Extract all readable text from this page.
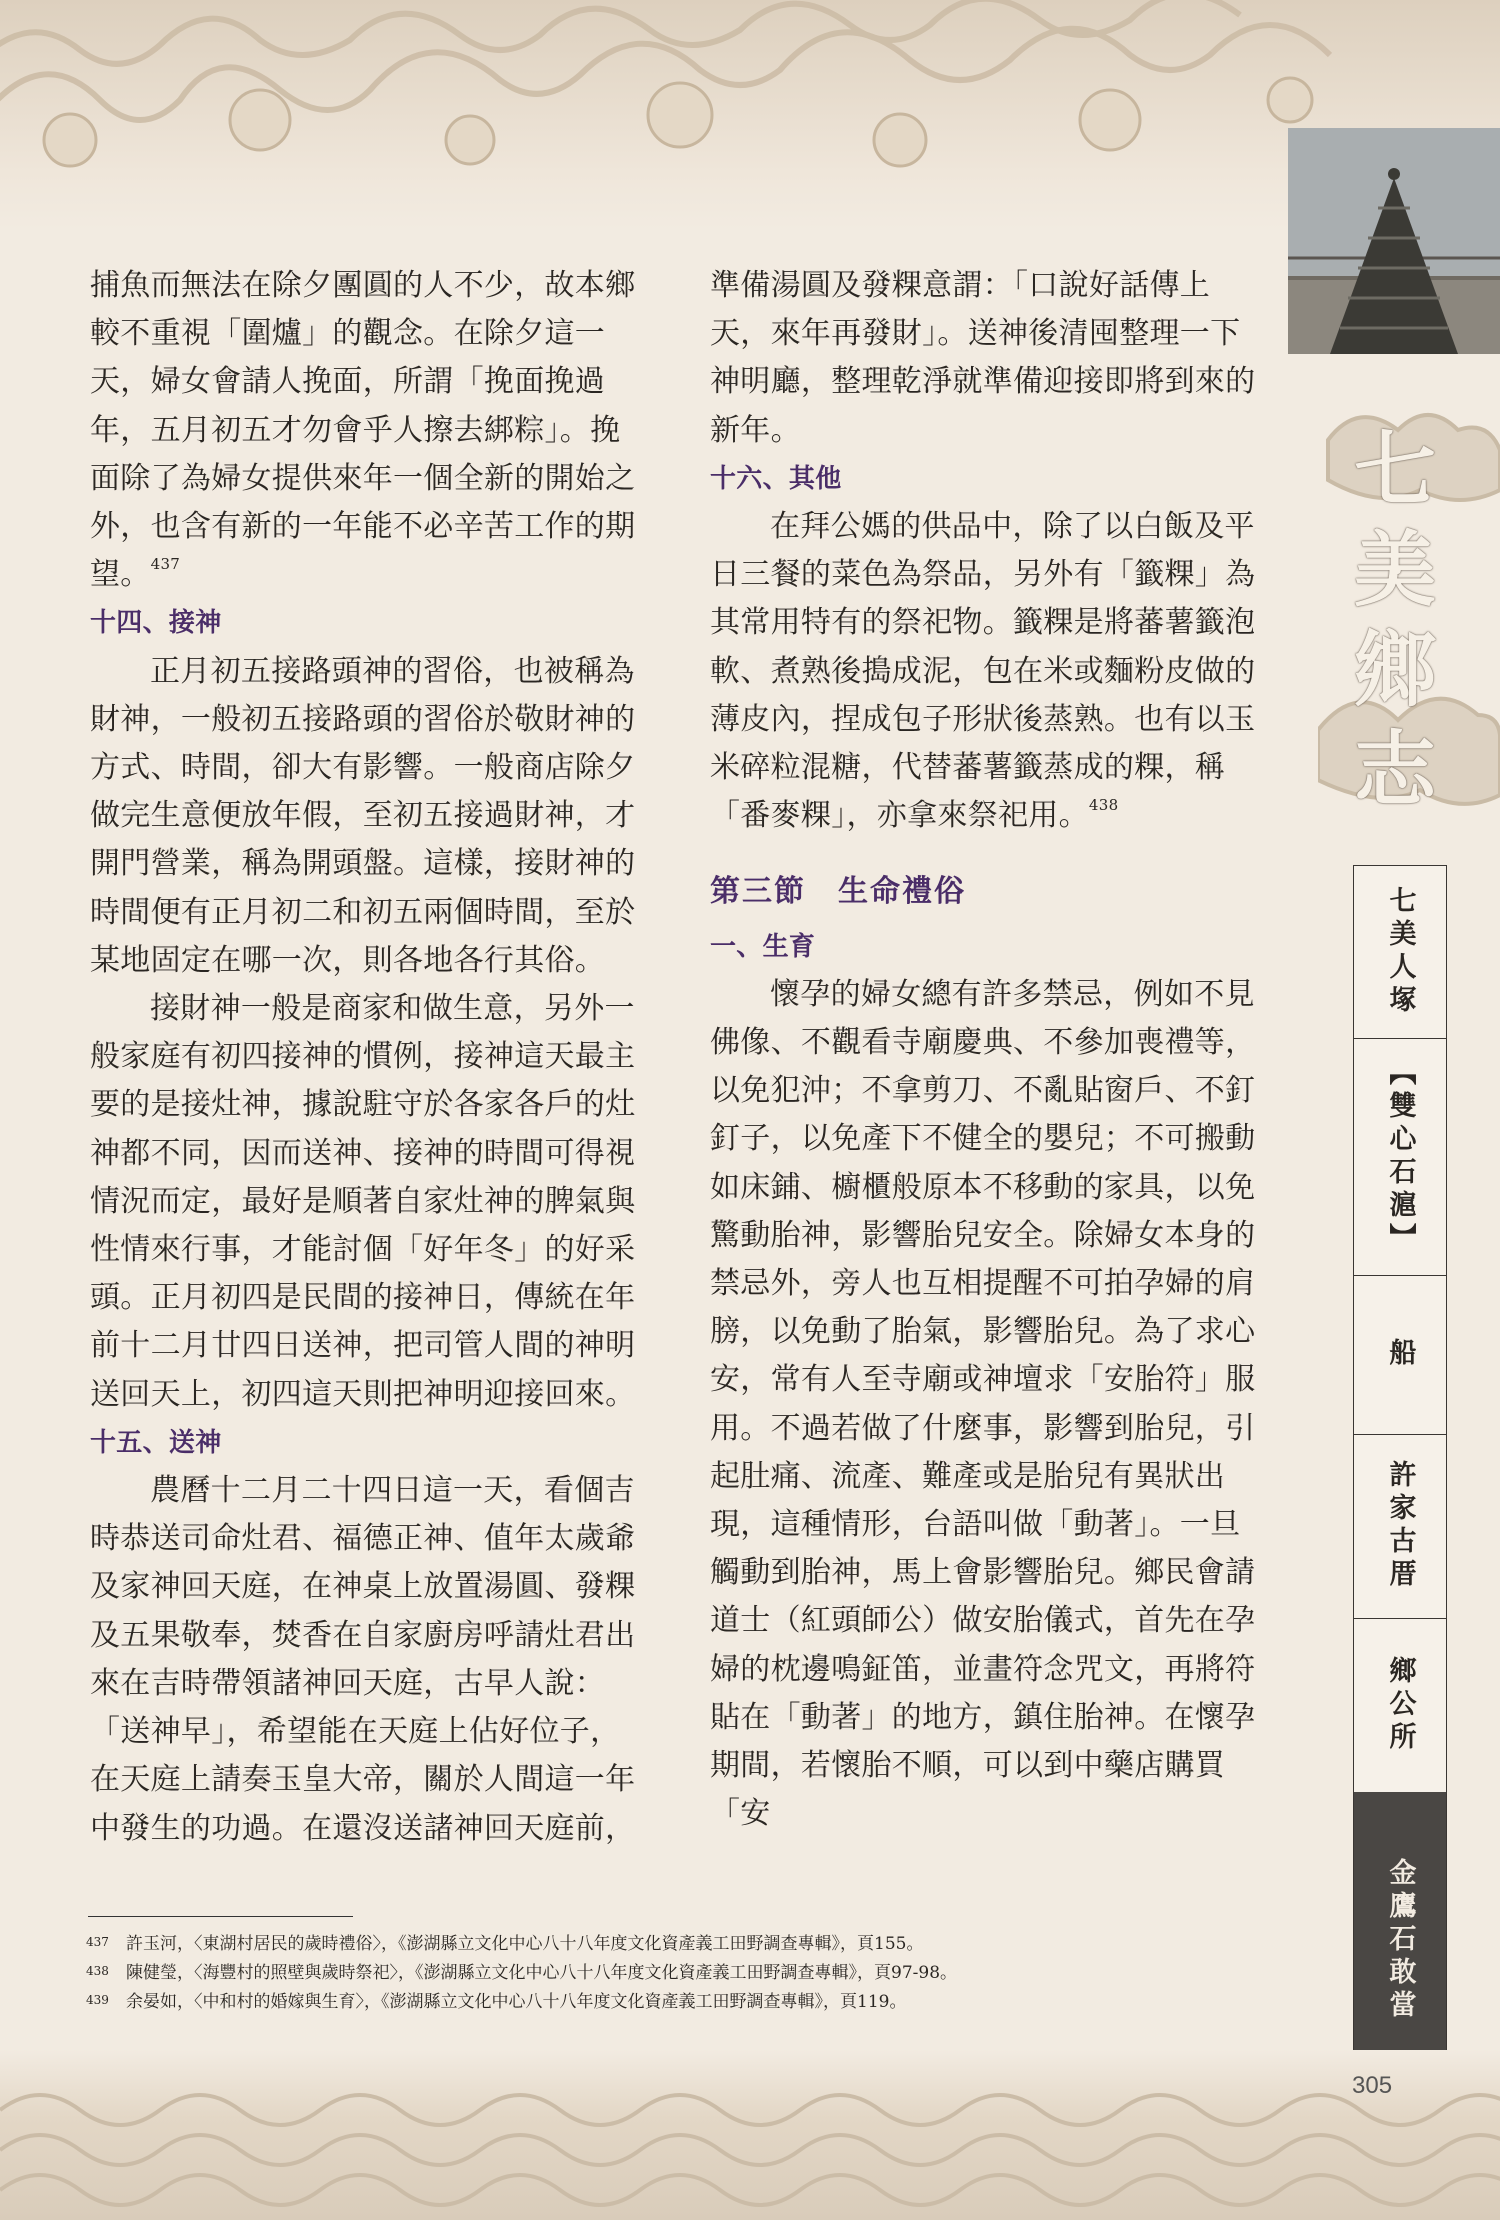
捕魚而無法在除夕團圓的人不少，故本鄉較不重視「圍爐」的觀念。在除夕這一天，婦女會請人挽面，所謂「挽面挽過年，五月初五才勿會乎人擦去綁粽」。挽面除了為婦女提供來年一個全新的開始之外，也含有新的一年能不必辛苦工作的期望。$^{437}$

十四、接神

正月初五接路頭神的習俗，也被稱為財神，一般初五接路頭的習俗於敬財神的方式、時間，卻大有影響。一般商店除夕做完生意便放年假，至初五接過財神，才開門營業，稱為開頭盤。這樣，接財神的時間便有正月初二和初五兩個時間，至於某地固定在哪一次，則各地各行其俗。

接財神一般是商家和做生意，另外一般家庭有初四接神的慣例，接神這天最主要的是接灶神，據說駐守於各家各戶的灶神都不同，因而送神、接神的時間可得視情況而定，最好是順著自家灶神的脾氣與性情來行事，才能討個「好年冬」的好采頭。正月初四是民間的接神日，傳統在年前十二月廿四日送神，把司管人間的神明送回天上，初四這天則把神明迎接回來。

十五、送神

農曆十二月二十四日這一天，看個吉時恭送司命灶君、福德正神、值年太歲爺及家神回天庭，在神桌上放置湯圓、發粿及五果敬奉，焚香在自家廚房呼請灶君出來在吉時帶領諸神回天庭，古早人說：「送神早」，希望能在天庭上佔好位子，在天庭上請奏玉皇大帝，關於人間這一年中發生的功過。在還沒送諸神回天庭前，

準備湯圓及發粿意謂：「口說好話傳上天，來年再發財」。送神後清囤整理一下神明廳，整理乾淨就準備迎接即將到來的新年。

十六、其他

在拜公媽的供品中，除了以白飯及平日三餐的菜色為祭品，另外有「籤粿」為其常用特有的祭祀物。籤粿是將蕃薯籤泡軟、煮熟後搗成泥，包在米或麵粉皮做的薄皮內，捏成包子形狀後蒸熟。也有以玉米碎粒混糖，代替蕃薯籤蒸成的粿，稱「番麥粿」，亦拿來祭祀用。$^{438}$

第三節　生命禮俗

一、生育

懷孕的婦女總有許多禁忌，例如不見佛像、不觀看寺廟慶典、不參加喪禮等，以免犯沖；不拿剪刀、不亂貼窗戶、不釘釘子，以免產下不健全的嬰兒；不可搬動如床鋪、櫥櫃般原本不移動的家具，以免驚動胎神，影響胎兒安全。除婦女本身的禁忌外，旁人也互相提醒不可拍孕婦的肩膀，以免動了胎氣，影響胎兒。為了求心安，常有人至寺廟或神壇求「安胎符」服用。不過若做了什麼事，影響到胎兒，引起肚痛、流產、難產或是胎兒有異狀出現，這種情形，台語叫做「動著」。一旦觸動到胎神，馬上會影響胎兒。鄉民會請道士（紅頭師公）做安胎儀式，首先在孕婦的枕邊鳴鉦笛，並畫符念咒文，再將符貼在「動著」的地方，鎮住胎神。在懷孕期間，若懷胎不順，可以到中藥店購買「安

437 許玉河，〈東湖村居民的歲時禮俗〉，《澎湖縣立文化中心八十八年度文化資產義工田野調查專輯》，頁155。
438 陳健瑩，〈海豐村的照壁與歲時祭祀〉，《澎湖縣立文化中心八十八年度文化資產義工田野調查專輯》，頁97-98。
439 余晏如，〈中和村的婚嫁與生育〉，《澎湖縣立文化中心八十八年度文化資產義工田野調查專輯》，頁119。
七
美
鄉
志
七美人塚
【雙心石滬】
船
許家古厝
鄉公所
金鷹石敢當
305
